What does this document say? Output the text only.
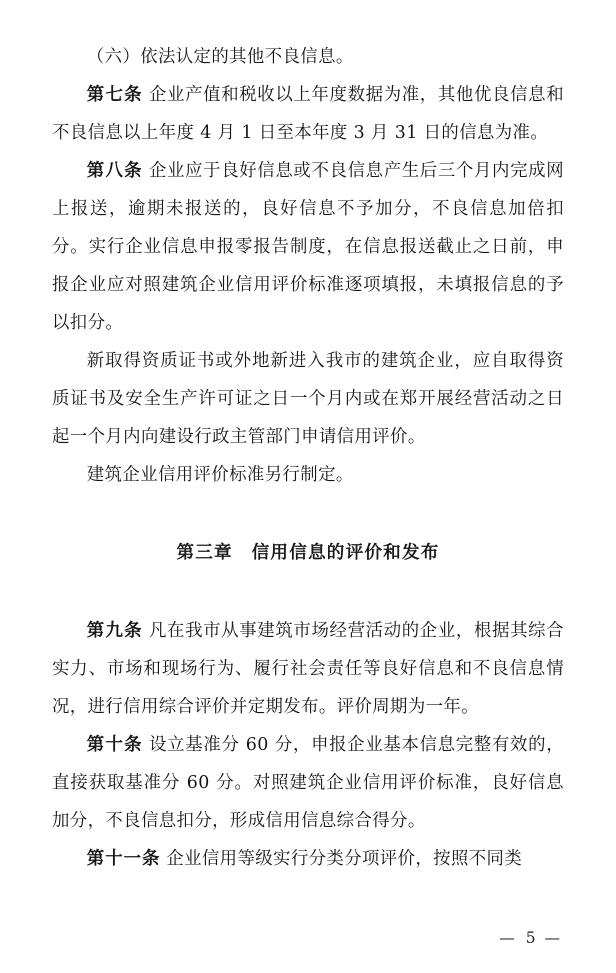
（六）依法认定的其他不良信息。

第七条 企业产值和税收以上年度数据为准，其他优良信息和不良信息以上年度 4 月 1 日至本年度 3 月 31 日的信息为准。

第八条 企业应于良好信息或不良信息产生后三个月内完成网上报送，逾期未报送的，良好信息不予加分，不良信息加倍扣分。实行企业信息申报零报告制度，在信息报送截止之日前，申报企业应对照建筑企业信用评价标准逐项填报，未填报信息的予以扣分。

新取得资质证书或外地新进入我市的建筑企业，应自取得资质证书及安全生产许可证之日一个月内或在郑开展经营活动之日起一个月内向建设行政主管部门申请信用评价。

建筑企业信用评价标准另行制定。

第三章　信用信息的评价和发布

第九条 凡在我市从事建筑市场经营活动的企业，根据其综合实力、市场和现场行为、履行社会责任等良好信息和不良信息情况，进行信用综合评价并定期发布。评价周期为一年。

第十条 设立基准分 60 分，申报企业基本信息完整有效的，直接获取基准分 60 分。对照建筑企业信用评价标准，良好信息加分，不良信息扣分，形成信用信息综合得分。

第十一条 企业信用等级实行分类分项评价，按照不同类

— 5 —
